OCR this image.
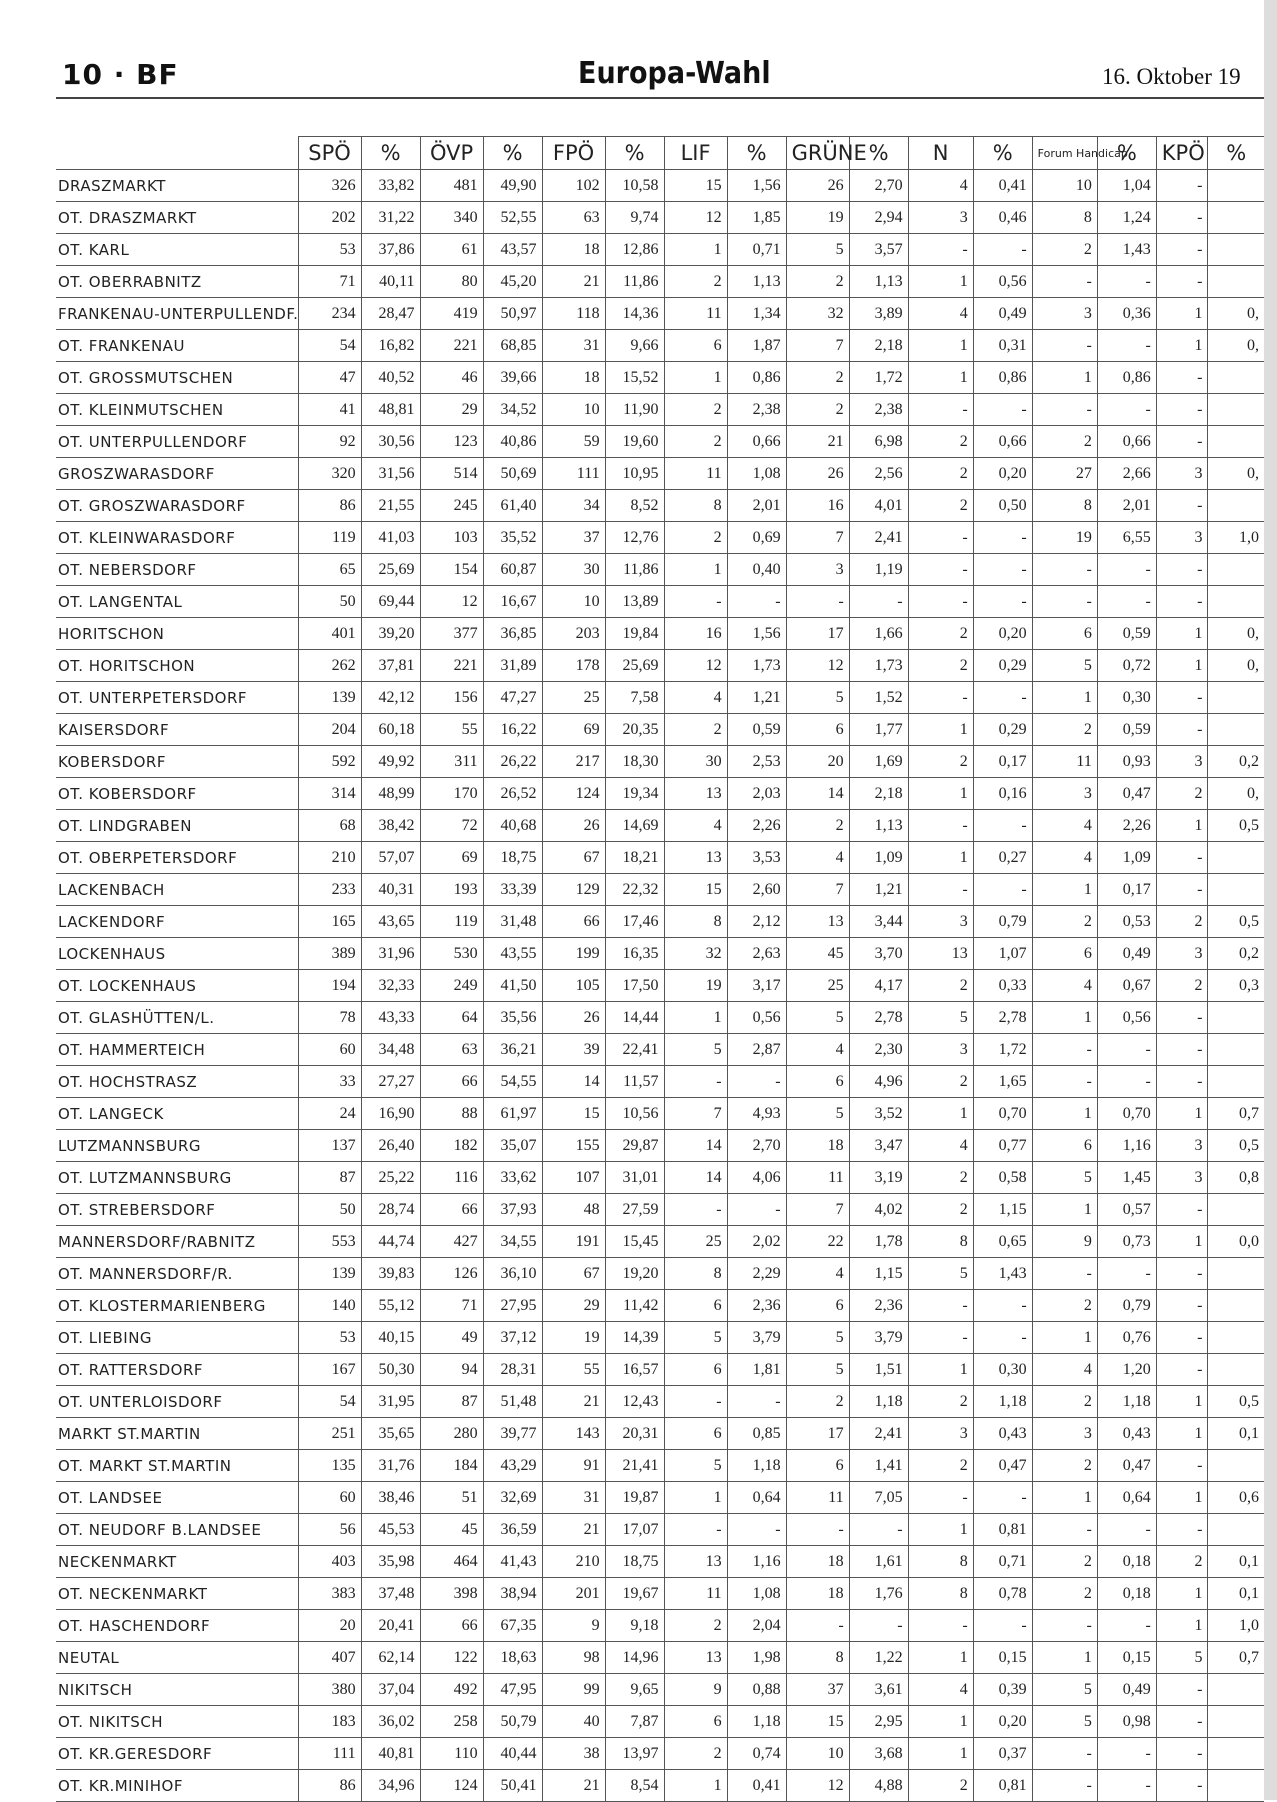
10 · BF	Europa-Wahl	16. Oktober 19
	SPÖ	%	ÖVP	%	FPÖ	%	LIF	%	GRÜNE	%	N	%	Forum Handicap	%	KPÖ	%
DRASZMARKT	326	33,82	481	49,90	102	10,58	15	1,56	26	2,70	4	0,41	10	1,04	-	
OT. DRASZMARKT	202	31,22	340	52,55	63	9,74	12	1,85	19	2,94	3	0,46	8	1,24	-	
OT. KARL	53	37,86	61	43,57	18	12,86	1	0,71	5	3,57	-	-	2	1,43	-	
OT. OBERRABNITZ	71	40,11	80	45,20	21	11,86	2	1,13	2	1,13	1	0,56	-	-	-	
FRANKENAU-UNTERPULLENDF.	234	28,47	419	50,97	118	14,36	11	1,34	32	3,89	4	0,49	3	0,36	1	0,
OT. FRANKENAU	54	16,82	221	68,85	31	9,66	6	1,87	7	2,18	1	0,31	-	-	1	0,
OT. GROSSMUTSCHEN	47	40,52	46	39,66	18	15,52	1	0,86	2	1,72	1	0,86	1	0,86	-	
OT. KLEINMUTSCHEN	41	48,81	29	34,52	10	11,90	2	2,38	2	2,38	-	-	-	-	-	
OT. UNTERPULLENDORF	92	30,56	123	40,86	59	19,60	2	0,66	21	6,98	2	0,66	2	0,66	-	
GROSZWARASDORF	320	31,56	514	50,69	111	10,95	11	1,08	26	2,56	2	0,20	27	2,66	3	0,
OT. GROSZWARASDORF	86	21,55	245	61,40	34	8,52	8	2,01	16	4,01	2	0,50	8	2,01	-	
OT. KLEINWARASDORF	119	41,03	103	35,52	37	12,76	2	0,69	7	2,41	-	-	19	6,55	3	1,0
OT. NEBERSDORF	65	25,69	154	60,87	30	11,86	1	0,40	3	1,19	-	-	-	-	-	
OT. LANGENTAL	50	69,44	12	16,67	10	13,89	-	-	-	-	-	-	-	-	-	
HORITSCHON	401	39,20	377	36,85	203	19,84	16	1,56	17	1,66	2	0,20	6	0,59	1	0,
OT. HORITSCHON	262	37,81	221	31,89	178	25,69	12	1,73	12	1,73	2	0,29	5	0,72	1	0,
OT. UNTERPETERSDORF	139	42,12	156	47,27	25	7,58	4	1,21	5	1,52	-	-	1	0,30	-	
KAISERSDORF	204	60,18	55	16,22	69	20,35	2	0,59	6	1,77	1	0,29	2	0,59	-	
KOBERSDORF	592	49,92	311	26,22	217	18,30	30	2,53	20	1,69	2	0,17	11	0,93	3	0,2
OT. KOBERSDORF	314	48,99	170	26,52	124	19,34	13	2,03	14	2,18	1	0,16	3	0,47	2	0,
OT. LINDGRABEN	68	38,42	72	40,68	26	14,69	4	2,26	2	1,13	-	-	4	2,26	1	0,5
OT. OBERPETERSDORF	210	57,07	69	18,75	67	18,21	13	3,53	4	1,09	1	0,27	4	1,09	-	
LACKENBACH	233	40,31	193	33,39	129	22,32	15	2,60	7	1,21	-	-	1	0,17	-	
LACKENDORF	165	43,65	119	31,48	66	17,46	8	2,12	13	3,44	3	0,79	2	0,53	2	0,5
LOCKENHAUS	389	31,96	530	43,55	199	16,35	32	2,63	45	3,70	13	1,07	6	0,49	3	0,2
OT. LOCKENHAUS	194	32,33	249	41,50	105	17,50	19	3,17	25	4,17	2	0,33	4	0,67	2	0,3
OT. GLASHÜTTEN/L.	78	43,33	64	35,56	26	14,44	1	0,56	5	2,78	5	2,78	1	0,56	-	
OT. HAMMERTEICH	60	34,48	63	36,21	39	22,41	5	2,87	4	2,30	3	1,72	-	-	-	
OT. HOCHSTRASZ	33	27,27	66	54,55	14	11,57	-	-	6	4,96	2	1,65	-	-	-	
OT. LANGECK	24	16,90	88	61,97	15	10,56	7	4,93	5	3,52	1	0,70	1	0,70	1	0,7
LUTZMANNSBURG	137	26,40	182	35,07	155	29,87	14	2,70	18	3,47	4	0,77	6	1,16	3	0,5
OT. LUTZMANNSBURG	87	25,22	116	33,62	107	31,01	14	4,06	11	3,19	2	0,58	5	1,45	3	0,8
OT. STREBERSDORF	50	28,74	66	37,93	48	27,59	-	-	7	4,02	2	1,15	1	0,57	-	
MANNERSDORF/RABNITZ	553	44,74	427	34,55	191	15,45	25	2,02	22	1,78	8	0,65	9	0,73	1	0,0
OT. MANNERSDORF/R.	139	39,83	126	36,10	67	19,20	8	2,29	4	1,15	5	1,43	-	-	-	
OT. KLOSTERMARIENBERG	140	55,12	71	27,95	29	11,42	6	2,36	6	2,36	-	-	2	0,79	-	
OT. LIEBING	53	40,15	49	37,12	19	14,39	5	3,79	5	3,79	-	-	1	0,76	-	
OT. RATTERSDORF	167	50,30	94	28,31	55	16,57	6	1,81	5	1,51	1	0,30	4	1,20	-	
OT. UNTERLOISDORF	54	31,95	87	51,48	21	12,43	-	-	2	1,18	2	1,18	2	1,18	1	0,5
MARKT ST.MARTIN	251	35,65	280	39,77	143	20,31	6	0,85	17	2,41	3	0,43	3	0,43	1	0,1
OT. MARKT ST.MARTIN	135	31,76	184	43,29	91	21,41	5	1,18	6	1,41	2	0,47	2	0,47	-	
OT. LANDSEE	60	38,46	51	32,69	31	19,87	1	0,64	11	7,05	-	-	1	0,64	1	0,6
OT. NEUDORF B.LANDSEE	56	45,53	45	36,59	21	17,07	-	-	-	-	1	0,81	-	-	-	
NECKENMARKT	403	35,98	464	41,43	210	18,75	13	1,16	18	1,61	8	0,71	2	0,18	2	0,1
OT. NECKENMARKT	383	37,48	398	38,94	201	19,67	11	1,08	18	1,76	8	0,78	2	0,18	1	0,1
OT. HASCHENDORF	20	20,41	66	67,35	9	9,18	2	2,04	-	-	-	-	-	-	1	1,0
NEUTAL	407	62,14	122	18,63	98	14,96	13	1,98	8	1,22	1	0,15	1	0,15	5	0,7
NIKITSCH	380	37,04	492	47,95	99	9,65	9	0,88	37	3,61	4	0,39	5	0,49	-	
OT. NIKITSCH	183	36,02	258	50,79	40	7,87	6	1,18	15	2,95	1	0,20	5	0,98	-	
OT. KR.GERESDORF	111	40,81	110	40,44	38	13,97	2	0,74	10	3,68	1	0,37	-	-	-	
OT. KR.MINIHOF	86	34,96	124	50,41	21	8,54	1	0,41	12	4,88	2	0,81	-	-	-	
